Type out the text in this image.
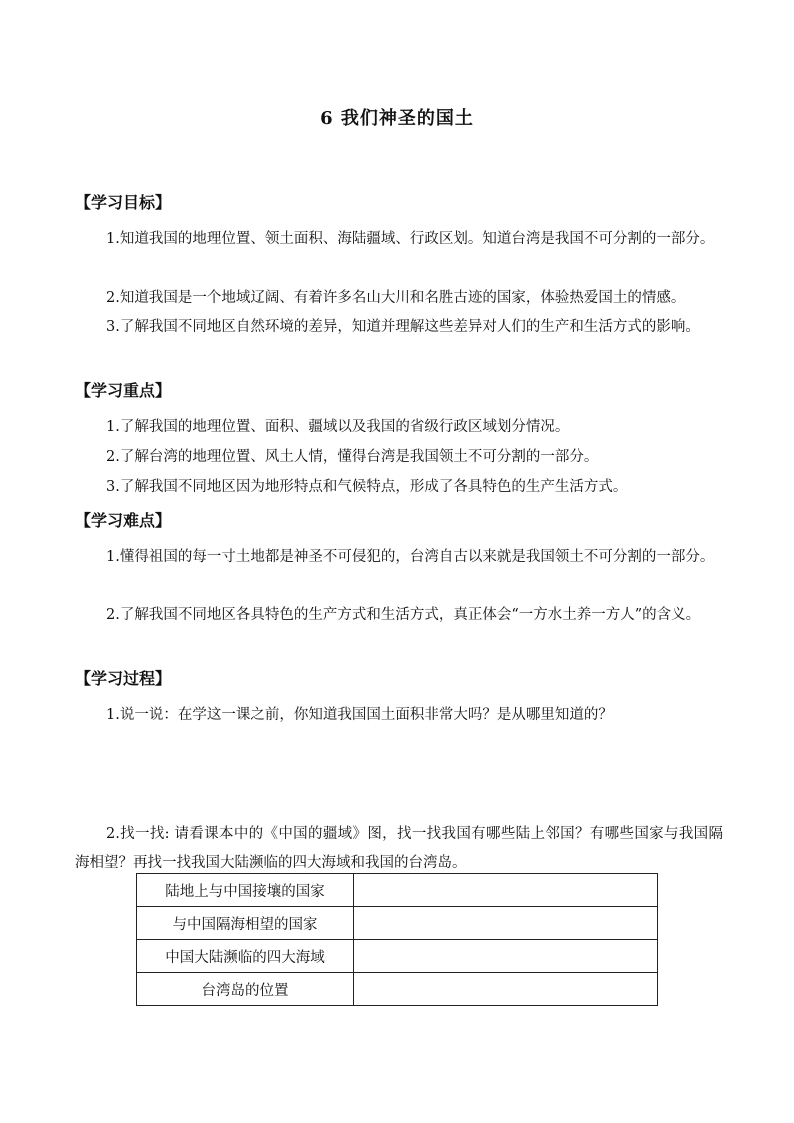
6 我们神圣的国土
【学习目标】
1.知道我国的地理位置、领土面积、海陆疆域、行政区划。知道台湾是我国不可分割的一部分。
2.知道我国是一个地域辽阔、有着许多名山大川和名胜古迹的国家，体验热爱国土的情感。
3.了解我国不同地区自然环境的差异，知道并理解这些差异对人们的生产和生活方式的影响。
【学习重点】
1.了解我国的地理位置、面积、疆域以及我国的省级行政区域划分情况。
2.了解台湾的地理位置、风土人情，懂得台湾是我国领土不可分割的一部分。
3.了解我国不同地区因为地形特点和气候特点，形成了各具特色的生产生活方式。
【学习难点】
1.懂得祖国的每一寸土地都是神圣不可侵犯的，台湾自古以来就是我国领土不可分割的一部分。
2.了解我国不同地区各具特色的生产方式和生活方式，真正体会“一方水土养一方人”的含义。
【学习过程】
1.说一说：在学这一课之前，你知道我国国土面积非常大吗？是从哪里知道的？
2.找一找: 请看课本中的《中国的疆域》图，找一找我国有哪些陆上邻国？有哪些国家与我国隔海相望？再找一找我国大陆濒临的四大海域和我国的台湾岛。
陆地上与中国接壤的国家	
与中国隔海相望的国家	
中国大陆濒临的四大海域	
台湾岛的位置	
